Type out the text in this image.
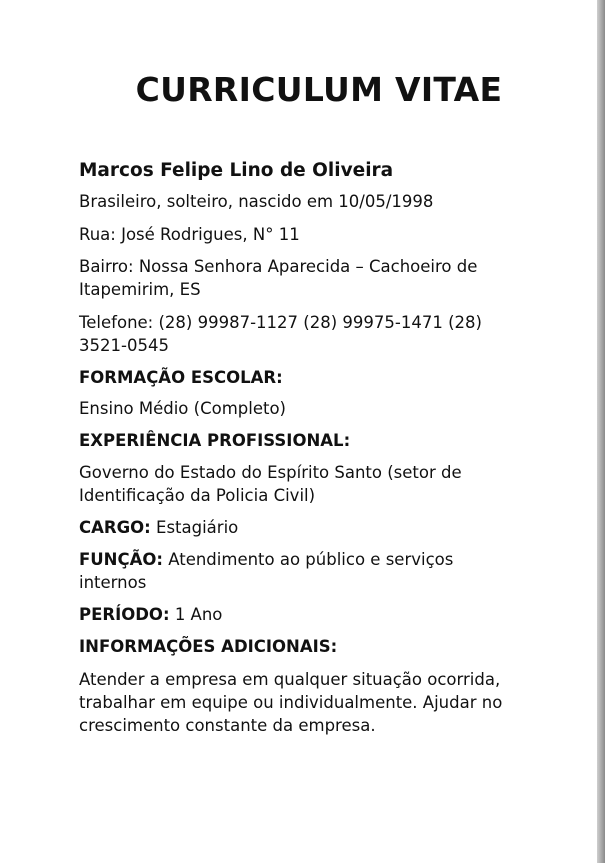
CURRICULUM VITAE

Marcos Felipe Lino de Oliveira

Brasileiro, solteiro, nascido em 10/05/1998

Rua: José Rodrigues, N° 11

Bairro: Nossa Senhora Aparecida – Cachoeiro de Itapemirim, ES

Telefone: (28) 99987-1127 (28) 99975-1471 (28) 3521-0545

FORMAÇÃO ESCOLAR:

Ensino Médio (Completo)

EXPERIÊNCIA PROFISSIONAL:

Governo do Estado do Espírito Santo (setor de Identificação da Policia Civil)

CARGO: Estagiário

FUNÇÃO: Atendimento ao público e serviços internos

PERÍODO: 1 Ano

INFORMAÇÕES ADICIONAIS:

Atender a empresa em qualquer situação ocorrida, trabalhar em equipe ou individualmente. Ajudar no crescimento constante da empresa.
